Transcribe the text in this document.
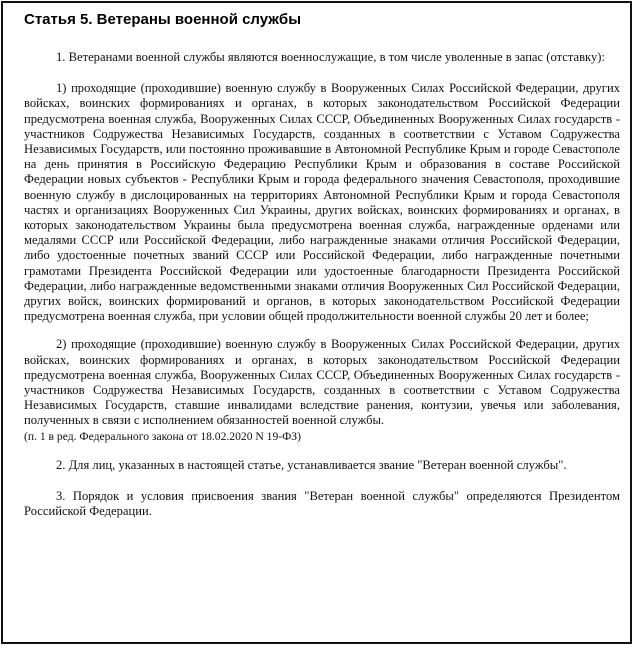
Статья 5. Ветераны военной службы

1. Ветеранами военной службы являются военнослужащие, в том числе уволенные в запас (отставку):

1) проходящие (проходившие) военную службу в Вооруженных Силах Российской Федерации, других войсках, воинских формированиях и органах, в которых законодательством Российской Федерации предусмотрена военная служба, Вооруженных Силах СССР, Объединенных Вооруженных Силах государств - участников Содружества Независимых Государств, созданных в соответствии с Уставом Содружества Независимых Государств, или постоянно проживавшие в Автономной Республике Крым и городе Севастополе на день принятия в Российскую Федерацию Республики Крым и образования в составе Российской Федерации новых субъектов - Республики Крым и города федерального значения Севастополя, проходившие военную службу в дислоцированных на территориях Автономной Республики Крым и города Севастополя частях и организациях Вооруженных Сил Украины, других войсках, воинских формированиях и органах, в которых законодательством Украины была предусмотрена военная служба, награжденные орденами или медалями СССР или Российской Федерации, либо награжденные знаками отличия Российской Федерации, либо удостоенные почетных званий СССР или Российской Федерации, либо награжденные почетными грамотами Президента Российской Федерации или удостоенные благодарности Президента Российской Федерации, либо награжденные ведомственными знаками отличия Вооруженных Сил Российской Федерации, других войск, воинских формирований и органов, в которых законодательством Российской Федерации предусмотрена военная служба, при условии общей продолжительности военной службы 20 лет и более;

2) проходящие (проходившие) военную службу в Вооруженных Силах Российской Федерации, других войсках, воинских формированиях и органах, в которых законодательством Российской Федерации предусмотрена военная служба, Вооруженных Силах СССР, Объединенных Вооруженных Силах государств - участников Содружества Независимых Государств, созданных в соответствии с Уставом Содружества Независимых Государств, ставшие инвалидами вследствие ранения, контузии, увечья или заболевания, полученных в связи с исполнением обязанностей военной службы.

(п. 1 в ред. Федерального закона от 18.02.2020 N 19-ФЗ)

2. Для лиц, указанных в настоящей статье, устанавливается звание "Ветеран военной службы".

3. Порядок и условия присвоения звания "Ветеран военной службы" определяются Президентом Российской Федерации.
